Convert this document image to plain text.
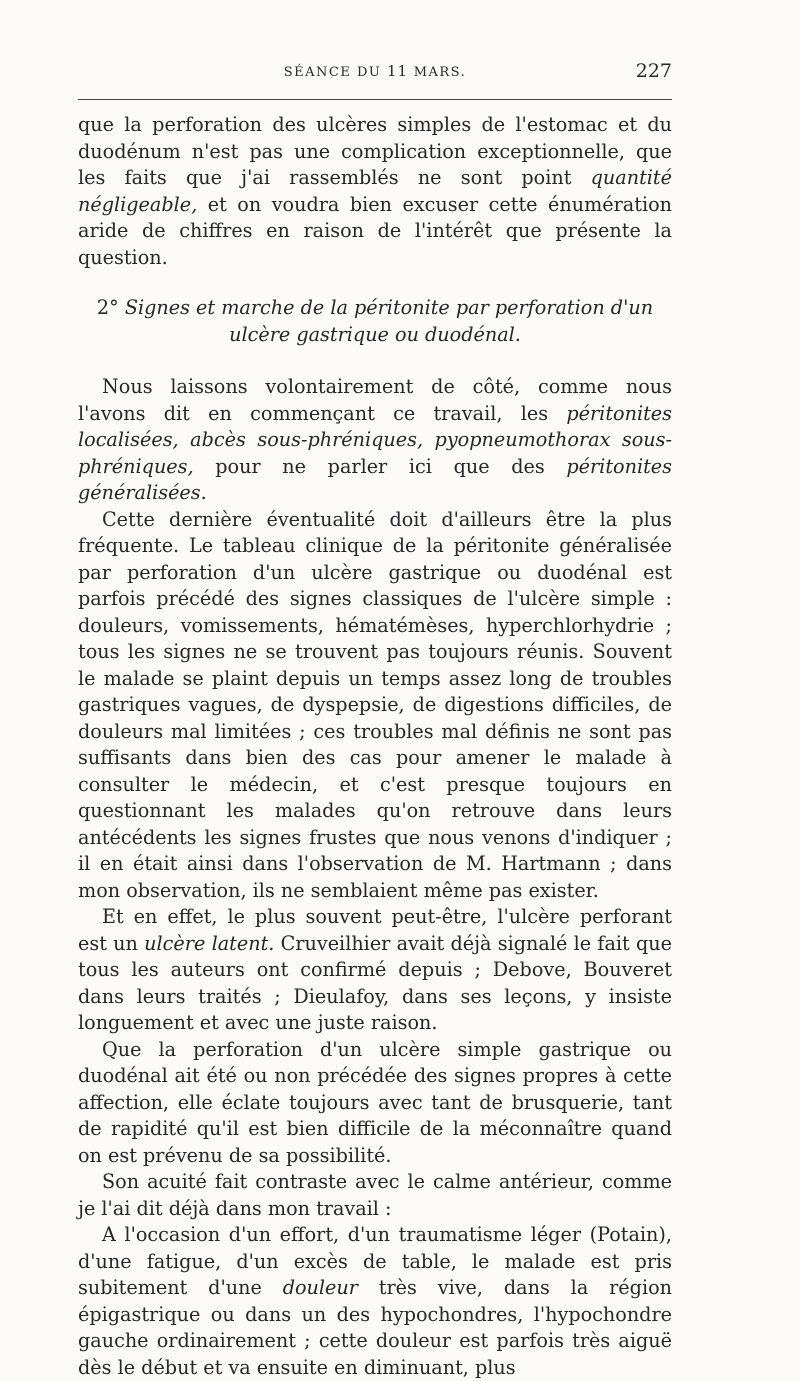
SÉANCE DU 11 MARS.	227

que la perforation des ulcères simples de l'estomac et du duodénum n'est pas une complication exceptionnelle, que les faits que j'ai rassemblés ne sont point quantité négligeable, et on voudra bien excuser cette énumération aride de chiffres en raison de l'intérêt que présente la question.

2° Signes et marche de la péritonite par perforation d'un ulcère gastrique ou duodénal.

Nous laissons volontairement de côté, comme nous l'avons dit en commençant ce travail, les péritonites localisées, abcès sous-phréniques, pyopneumothorax sous-phréniques, pour ne parler ici que des péritonites généralisées.

Cette dernière éventualité doit d'ailleurs être la plus fréquente. Le tableau clinique de la péritonite généralisée par perforation d'un ulcère gastrique ou duodénal est parfois précédé des signes classiques de l'ulcère simple : douleurs, vomissements, hématémèses, hyperchlorhydrie ; tous les signes ne se trouvent pas toujours réunis. Souvent le malade se plaint depuis un temps assez long de troubles gastriques vagues, de dyspepsie, de digestions difficiles, de douleurs mal limitées ; ces troubles mal définis ne sont pas suffisants dans bien des cas pour amener le malade à consulter le médecin, et c'est presque toujours en questionnant les malades qu'on retrouve dans leurs antécédents les signes frustes que nous venons d'indiquer ; il en était ainsi dans l'observation de M. Hartmann ; dans mon observation, ils ne semblaient même pas exister.

Et en effet, le plus souvent peut-être, l'ulcère perforant est un ulcère latent. Cruveilhier avait déjà signalé le fait que tous les auteurs ont confirmé depuis ; Debove, Bouveret dans leurs traités ; Dieulafoy, dans ses leçons, y insiste longuement et avec une juste raison.

Que la perforation d'un ulcère simple gastrique ou duodénal ait été ou non précédée des signes propres à cette affection, elle éclate toujours avec tant de brusquerie, tant de rapidité qu'il est bien difficile de la méconnaître quand on est prévenu de sa possibilité.

Son acuité fait contraste avec le calme antérieur, comme je l'ai dit déjà dans mon travail :

A l'occasion d'un effort, d'un traumatisme léger (Potain), d'une fatigue, d'un excès de table, le malade est pris subitement d'une douleur très vive, dans la région épigastrique ou dans un des hypochondres, l'hypochondre gauche ordinairement ; cette douleur est parfois très aiguë dès le début et va ensuite en diminuant, plus
